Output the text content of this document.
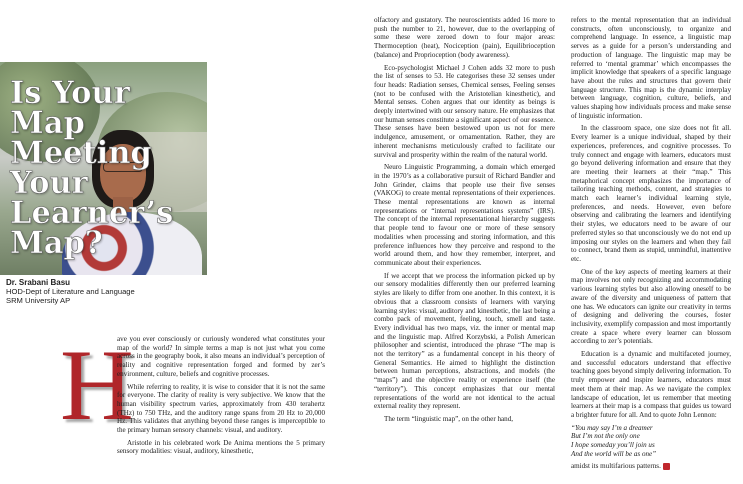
Is Your Map Meeting Your Learner’s Map?
Dr. Srabani Basu
HOD-Dept of Literature and Language
SRM University AP
H

ave you ever consciously or curiously wondered what constitutes your map of the world? In simple terms a map is not just what you come across in the geography book, it also means an individual’s perception of reality and cognitive representation forged and formed by zer’s environment, culture, beliefs and cognitive processes.

While referring to reality, it is wise to consider that it is not the same for everyone. The clarity of reality is very subjective. We know that the human visibility spectrum varies, approximately from 430 terahertz (THz) to 750 THz, and the auditory range spans from 20 Hz to 20,000 Hz. This validates that anything beyond these ranges is imperceptible to the primary human sensory channels: visual, and auditory.

Aristotle in his celebrated work De Anima mentions the 5 primary sensory modalities: visual, auditory, kinesthetic,

olfactory and gustatory. The neuroscientists added 16 more to push the number to 21, however, due to the overlapping of some these were zeroed down to four major areas: Thermoception (heat), Nociception (pain), Equilibrioception (balance) and Proprioception (body awareness).

Eco-psychologist Michael J Cohen adds 32 more to push the list of senses to 53. He categorises these 32 senses under four heads: Radiation senses, Chemical senses, Feeling senses (not to be confused with the Aristotelian kinesthetic), and Mental senses. Cohen argues that our identity as beings is deeply intertwined with our sensory nature. He emphasizes that our human senses constitute a significant aspect of our essence. These senses have been bestowed upon us not for mere indulgence, amusement, or ornamentation. Rather, they are inherent mechanisms meticulously crafted to facilitate our survival and prosperity within the realm of the natural world.

Neuro Linguistic Programming, a domain which emerged in the 1970’s as a collaborative pursuit of Richard Bandler and John Grinder, claims that people use their five senses (VAKOG) to create mental representations of their experiences. These mental representations are known as internal representations or “internal representations systems” (IRS). The concept of the internal representational hierarchy suggests that people tend to favour one or more of these sensory modalities when processing and storing information, and this preference influences how they perceive and respond to the world around them, and how they remember, interpret, and communicate about their experiences.

If we accept that we process the information picked up by our sensory modalities differently then our preferred learning styles are likely to differ from one another. In this context, it is obvious that a classroom consists of learners with varying learning styles: visual, auditory and kinesthetic, the last being a combo pack of movement, feeling, touch, smell and taste. Every individual has two maps, viz. the inner or mental map and the linguistic map. Alfred Korzybski, a Polish American philosopher and scientist, introduced the phrase “The map is not the territory” as a fundamental concept in his theory of General Semantics. He aimed to highlight the distinction between human perceptions, abstractions, and models (the “maps”) and the objective reality or experience itself (the “territory”). This concept emphasizes that our mental representations of the world are not identical to the actual external reality they represent.

The term “linguistic map”, on the other hand,

refers to the mental representation that an individual constructs, often unconsciously, to organize and comprehend language. In essence, a linguistic map serves as a guide for a person’s understanding and production of language. The linguistic map may be referred to ‘mental grammar’ which encompasses the implicit knowledge that speakers of a specific language have about the rules and structures that govern their language structure. This map is the dynamic interplay between language, cognition, culture, beliefs, and values shaping how individuals process and make sense of linguistic information.

In the classroom space, one size does not fit all. Every learner is a unique individual, shaped by their experiences, preferences, and cognitive processes. To truly connect and engage with learners, educators must go beyond delivering information and ensure that they are meeting their learners at their “map.” This metaphorical concept emphasizes the importance of tailoring teaching methods, content, and strategies to match each learner’s individual learning style, preferences, and needs. However, even before observing and calibrating the learners and identifying their styles, we educators need to be aware of our preferred styles so that unconsciously we do not end up imposing our styles on the learners and when they fail to connect, brand them as stupid, unmindful, inattentive etc.

One of the key aspects of meeting learners at their map involves not only recognizing and accommodating various learning styles but also allowing oneself to be aware of the diversity and uniqueness of pattern that one has. We educators can ignite our creativity in terms of designing and delivering the courses, foster inclusivity, exemplify compassion and most importantly create a space where every learner can blossom according to zer’s potentials.

Education is a dynamic and multifaceted journey, and successful educators understand that effective teaching goes beyond simply delivering information. To truly empower and inspire learners, educators must meet them at their map. As we navigate the complex landscape of education, let us remember that meeting learners at their map is a compass that guides us toward a brighter future for all. And to quote John Lennon:

“You may say I’m a dreamer
But I’m not the only one
I hope someday you’ll join us
And the world will be as one”

amidst its multifarious patterns.
